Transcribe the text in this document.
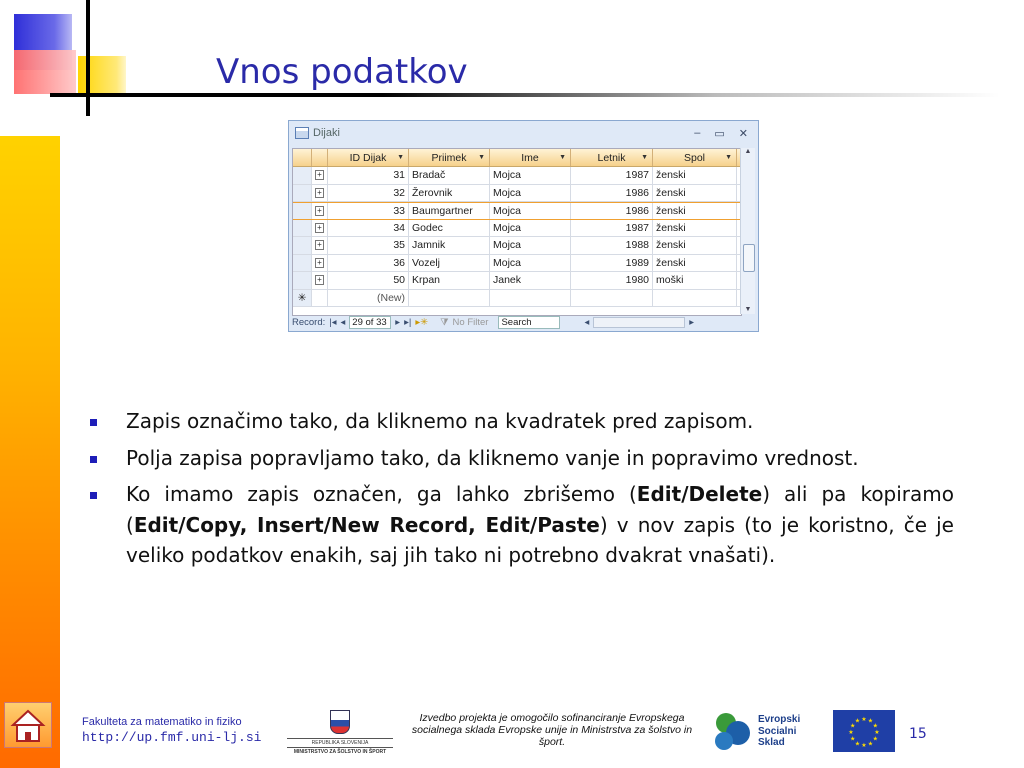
Vnos podatkov
Dijaki	– ▭ ✕
ID Dijak ▼	Priimek ▼	Ime	▼	Letnik ▼	Spol	▼
+	31 Bradač	Mojca	1987 ženski
+	32 Žerovnik	Mojca	1986 ženski
+	33 Baumgartner	Mojca	1986 ženski
+	34 Godec	Mojca	1987 ženski
+	35 Jamnik	Mojca	1988 ženski
+	36 Vozelj	Mojca	1989 ženski
+	50 Krpan	Janek	1980 moški
✳	(New)
▲
▼
Record: |◂ ◂ 29 of 33 ▸ ▸| ▸✳ ⧩ No Filter	Search	◂	▸
Zapis označimo tako, da kliknemo na kvadratek pred zapisom.
Polja zapisa popravljamo tako, da kliknemo vanje in popravimo vrednost.
Ko imamo zapis označen, ga lahko zbrišemo (Edit/Delete) ali pa kopiramo (Edit/Copy, Insert/New Record, Edit/Paste) v nov zapis (to je koristno, če je veliko podatkov enakih, saj jih tako ni potrebno dvakrat vnašati).
Fakulteta za matematiko in fiziko
http://up.fmf.uni-lj.si	REPUBLIKA SLOVENIJA
MINISTRSTVO ZA ŠOLSTVO IN ŠPORT
Izvedbo projekta je omogočilo sofinanciranje Evropskega socialnega sklada Evropske unije in Ministrstva za šolstvo in šport.
Evropski
Socialni
Sklad
★
★
★
★
★
★
★
★
★ ★ ★
★ 15
